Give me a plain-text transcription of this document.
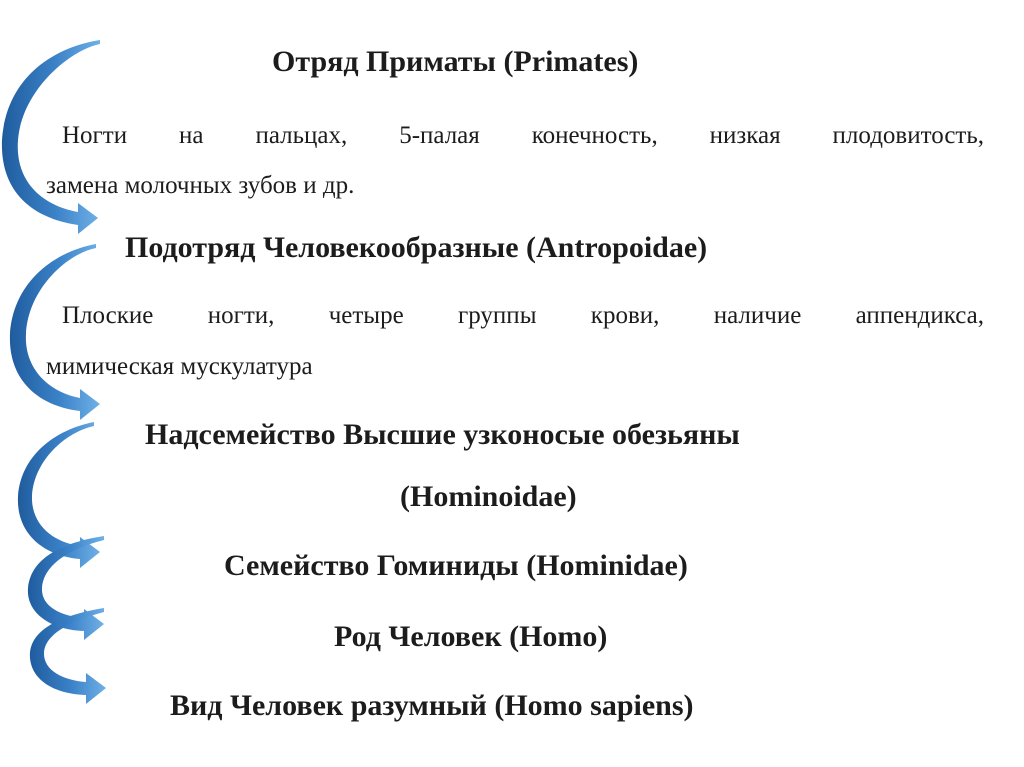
Отряд Приматы (Primates)
Ногти на пальцах, 5-палая конечность, низкая плодовитость,
замена молочных зубов и др.
Подотряд Человекообразные (Antropoidae)
Плоские ногти, четыре группы крови, наличие аппендикса,
мимическая мускулатура
Надсемейство Высшие узконосые обезьяны
(Hominoidae)
Семейство Гоминиды (Hominidae)
Род Человек (Homo)
Вид Человек разумный (Homo sapiens)
